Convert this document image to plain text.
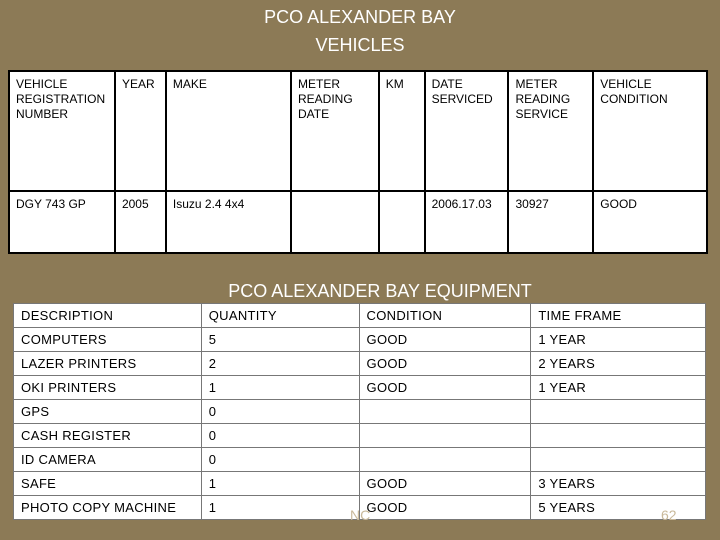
PCO ALEXANDER BAY
VEHICLES
VEHICLE REGISTRATION NUMBER	YEAR	MAKE	METER READING DATE	KM	DATE SERVICED	METER READING SERVICE	VEHICLE CONDITION
DGY 743 GP	2005	Isuzu 2.4 4x4			2006.17.03	30927	GOOD
PCO ALEXANDER BAY EQUIPMENT
DESCRIPTION	QUANTITY	CONDITION	TIME FRAME
COMPUTERS	5	GOOD	1 YEAR
LAZER PRINTERS	2	GOOD	2 YEARS
OKI PRINTERS	1	GOOD	1 YEAR
GPS	0		
CASH REGISTER	0		
ID CAMERA	0		
SAFE	1	GOOD	3 YEARS
PHOTO COPY MACHINE	1	GOOD	5 YEARS
NC	62
